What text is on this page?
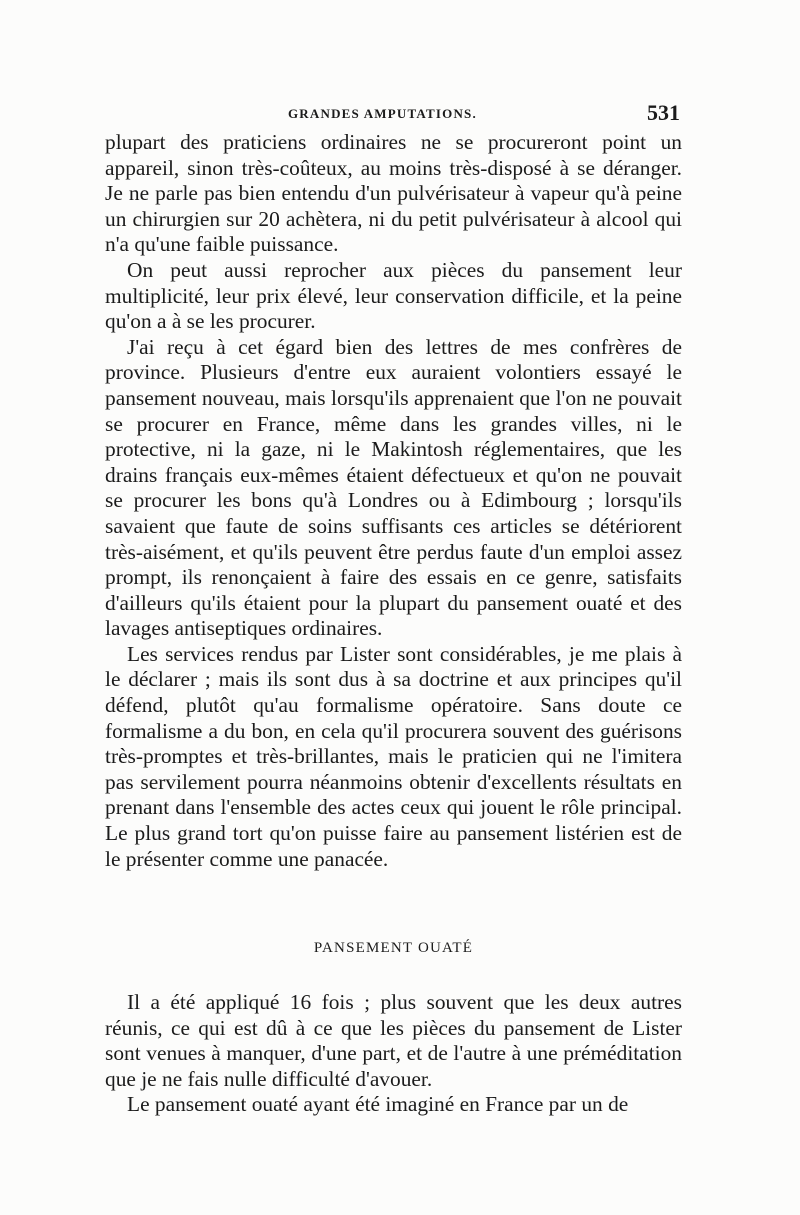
GRANDES AMPUTATIONS.	531

plupart des praticiens ordinaires ne se procureront point un appareil, sinon très-coûteux, au moins très-disposé à se déranger. Je ne parle pas bien entendu d'un pulvérisateur à vapeur qu'à peine un chirurgien sur 20 achètera, ni du petit pulvérisateur à alcool qui n'a qu'une faible puissance.

On peut aussi reprocher aux pièces du pansement leur multiplicité, leur prix élevé, leur conservation difficile, et la peine qu'on a à se les procurer.

J'ai reçu à cet égard bien des lettres de mes confrères de province. Plusieurs d'entre eux auraient volontiers essayé le pansement nouveau, mais lorsqu'ils apprenaient que l'on ne pouvait se procurer en France, même dans les grandes villes, ni le protective, ni la gaze, ni le Makintosh réglementaires, que les drains français eux-mêmes étaient défectueux et qu'on ne pouvait se procurer les bons qu'à Londres ou à Edimbourg ; lorsqu'ils savaient que faute de soins suffisants ces articles se détériorent très-aisément, et qu'ils peuvent être perdus faute d'un emploi assez prompt, ils renonçaient à faire des essais en ce genre, satisfaits d'ailleurs qu'ils étaient pour la plupart du pansement ouaté et des lavages antiseptiques ordinaires.

Les services rendus par Lister sont considérables, je me plais à le déclarer ; mais ils sont dus à sa doctrine et aux principes qu'il défend, plutôt qu'au formalisme opératoire. Sans doute ce formalisme a du bon, en cela qu'il procurera souvent des guérisons très-promptes et très-brillantes, mais le praticien qui ne l'imitera pas servilement pourra néanmoins obtenir d'excellents résultats en prenant dans l'ensemble des actes ceux qui jouent le rôle principal. Le plus grand tort qu'on puisse faire au pansement listérien est de le présenter comme une panacée.

PANSEMENT OUATÉ

Il a été appliqué 16 fois ; plus souvent que les deux autres réunis, ce qui est dû à ce que les pièces du pansement de Lister sont venues à manquer, d'une part, et de l'autre à une préméditation que je ne fais nulle difficulté d'avouer.

Le pansement ouaté ayant été imaginé en France par un de
